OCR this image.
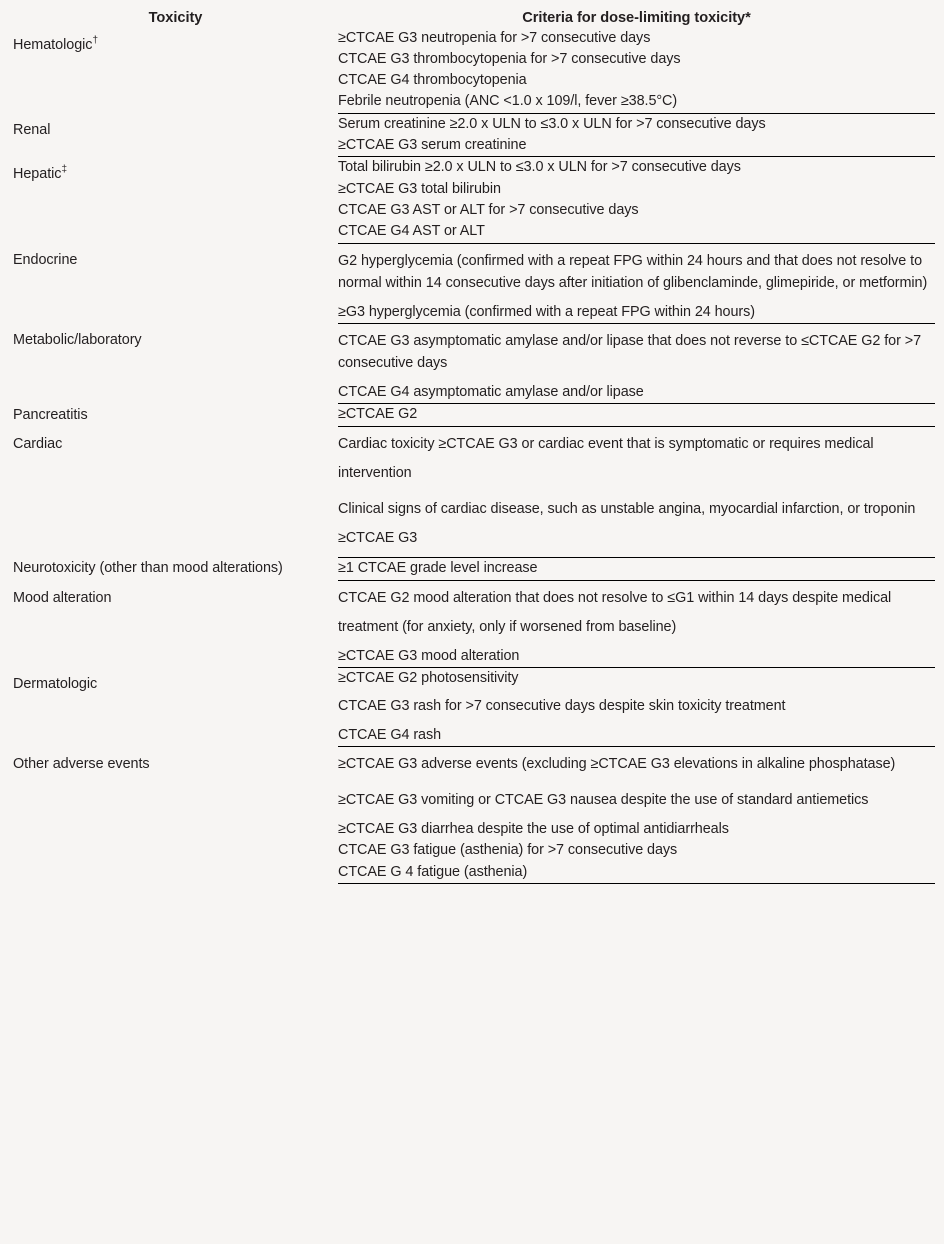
Toxicity	Criteria for dose-limiting toxicity*
Hematologic†	≥CTCAE G3 neutropenia for >7 consecutive days
	CTCAE G3 thrombocytopenia for >7 consecutive days
	CTCAE G4 thrombocytopenia
	Febrile neutropenia (ANC <1.0 x 109/l, fever ≥38.5°C)
Renal	Serum creatinine ≥2.0 x ULN to ≤3.0 x ULN for >7 consecutive days
	≥CTCAE G3 serum creatinine
Hepatic‡	Total bilirubin ≥2.0 x ULN to ≤3.0 x ULN for >7 consecutive days
	≥CTCAE G3 total bilirubin
	CTCAE G3 AST or ALT for >7 consecutive days
	CTCAE G4 AST or ALT
Endocrine	G2 hyperglycemia (confirmed with a repeat FPG within 24 hours and that does not resolve to normal within 14 consecutive days after initiation of glibenclaminde, glimepiride, or metformin)
	≥G3 hyperglycemia (confirmed with a repeat FPG within 24 hours)
Metabolic/laboratory	CTCAE G3 asymptomatic amylase and/or lipase that does not reverse to ≤CTCAE G2 for >7 consecutive days
	CTCAE G4 asymptomatic amylase and/or lipase
Pancreatitis	≥CTCAE G2
Cardiac	Cardiac toxicity ≥CTCAE G3 or cardiac event that is symptomatic or requires medical intervention
	Clinical signs of cardiac disease, such as unstable angina, myocardial infarction, or troponin ≥CTCAE G3
Neurotoxicity (other than mood alterations)	≥1 CTCAE grade level increase
Mood alteration	CTCAE G2 mood alteration that does not resolve to ≤G1 within 14 days despite medical treatment (for anxiety, only if worsened from baseline)
	≥CTCAE G3 mood alteration
Dermatologic	≥CTCAE G2 photosensitivity
	CTCAE G3 rash for >7 consecutive days despite skin toxicity treatment
	CTCAE G4 rash
Other adverse events	≥CTCAE G3 adverse events (excluding ≥CTCAE G3 elevations in alkaline phosphatase)
	≥CTCAE G3 vomiting or CTCAE G3 nausea despite the use of standard antiemetics
	≥CTCAE G3 diarrhea despite the use of optimal antidiarrheals
	CTCAE G3 fatigue (asthenia) for >7 consecutive days
	CTCAE G 4 fatigue (asthenia)
